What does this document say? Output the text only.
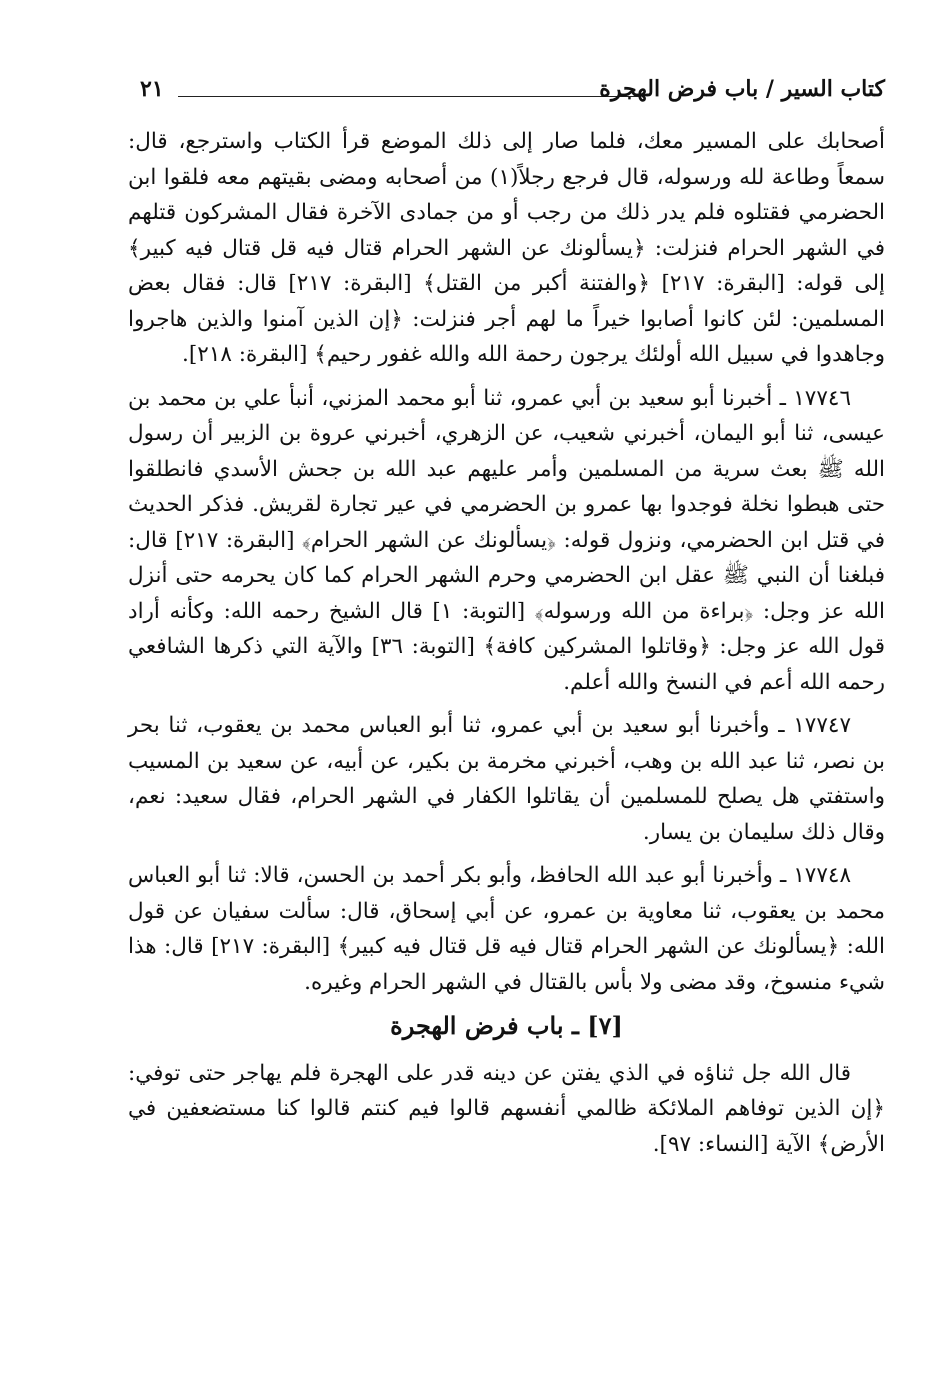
٢١	كتاب السير / باب فرض الهجرة

أصحابك على المسير معك، فلما صار إلى ذلك الموضع قرأ الكتاب واسترجع، قال: سمعاً وطاعة لله ورسوله، قال فرجع رجلاً(١) من أصحابه ومضى بقيتهم معه فلقوا ابن الحضرمي فقتلوه فلم يدر ذلك من رجب أو من جمادى الآخرة فقال المشركون قتلهم في الشهر الحرام فنزلت: ﴿يسألونك عن الشهر الحرام قتال فيه قل قتال فيه كبير﴾ إلى قوله: [البقرة: ٢١٧] ﴿والفتنة أكبر من القتل﴾ [البقرة: ٢١٧] قال: فقال بعض المسلمين: لئن كانوا أصابوا خيراً ما لهم أجر فنزلت: ﴿إن الذين آمنوا والذين هاجروا وجاهدوا في سبيل الله أولئك يرجون رحمة الله والله غفور رحيم﴾ [البقرة: ٢١٨].

١٧٧٤٦ ـ أخبرنا أبو سعيد بن أبي عمرو، ثنا أبو محمد المزني، أنبأ علي بن محمد بن عيسى، ثنا أبو اليمان، أخبرني شعيب، عن الزهري، أخبرني عروة بن الزبير أن رسول الله ﷺ بعث سرية من المسلمين وأمر عليهم عبد الله بن جحش الأسدي فانطلقوا حتى هبطوا نخلة فوجدوا بها عمرو بن الحضرمي في عير تجارة لقريش. فذكر الحديث في قتل ابن الحضرمي، ونزول قوله: ﴿يسألونك عن الشهر الحرام﴾ [البقرة: ٢١٧] قال: فبلغنا أن النبي ﷺ عقل ابن الحضرمي وحرم الشهر الحرام كما كان يحرمه حتى أنزل الله عز وجل: ﴿براءة من الله ورسوله﴾ [التوبة: ١] قال الشيخ رحمه الله: وكأنه أراد قول الله عز وجل: ﴿وقاتلوا المشركين كافة﴾ [التوبة: ٣٦] والآية التي ذكرها الشافعي رحمه الله أعم في النسخ والله أعلم.

١٧٧٤٧ ـ وأخبرنا أبو سعيد بن أبي عمرو، ثنا أبو العباس محمد بن يعقوب، ثنا بحر بن نصر، ثنا عبد الله بن وهب، أخبرني مخرمة بن بكير، عن أبيه، عن سعيد بن المسيب واستفتي هل يصلح للمسلمين أن يقاتلوا الكفار في الشهر الحرام، فقال سعيد: نعم، وقال ذلك سليمان بن يسار.

١٧٧٤٨ ـ وأخبرنا أبو عبد الله الحافظ، وأبو بكر أحمد بن الحسن، قالا: ثنا أبو العباس محمد بن يعقوب، ثنا معاوية بن عمرو، عن أبي إسحاق، قال: سألت سفيان عن قول الله: ﴿يسألونك عن الشهر الحرام قتال فيه قل قتال فيه كبير﴾ [البقرة: ٢١٧] قال: هذا شيء منسوخ، وقد مضى ولا بأس بالقتال في الشهر الحرام وغيره.

[٧] ـ باب فرض الهجرة

قال الله جل ثناؤه في الذي يفتن عن دينه قدر على الهجرة فلم يهاجر حتى توفي: ﴿إن الذين توفاهم الملائكة ظالمي أنفسهم قالوا فيم كنتم قالوا كنا مستضعفين في الأرض﴾ الآية [النساء: ٩٧].
